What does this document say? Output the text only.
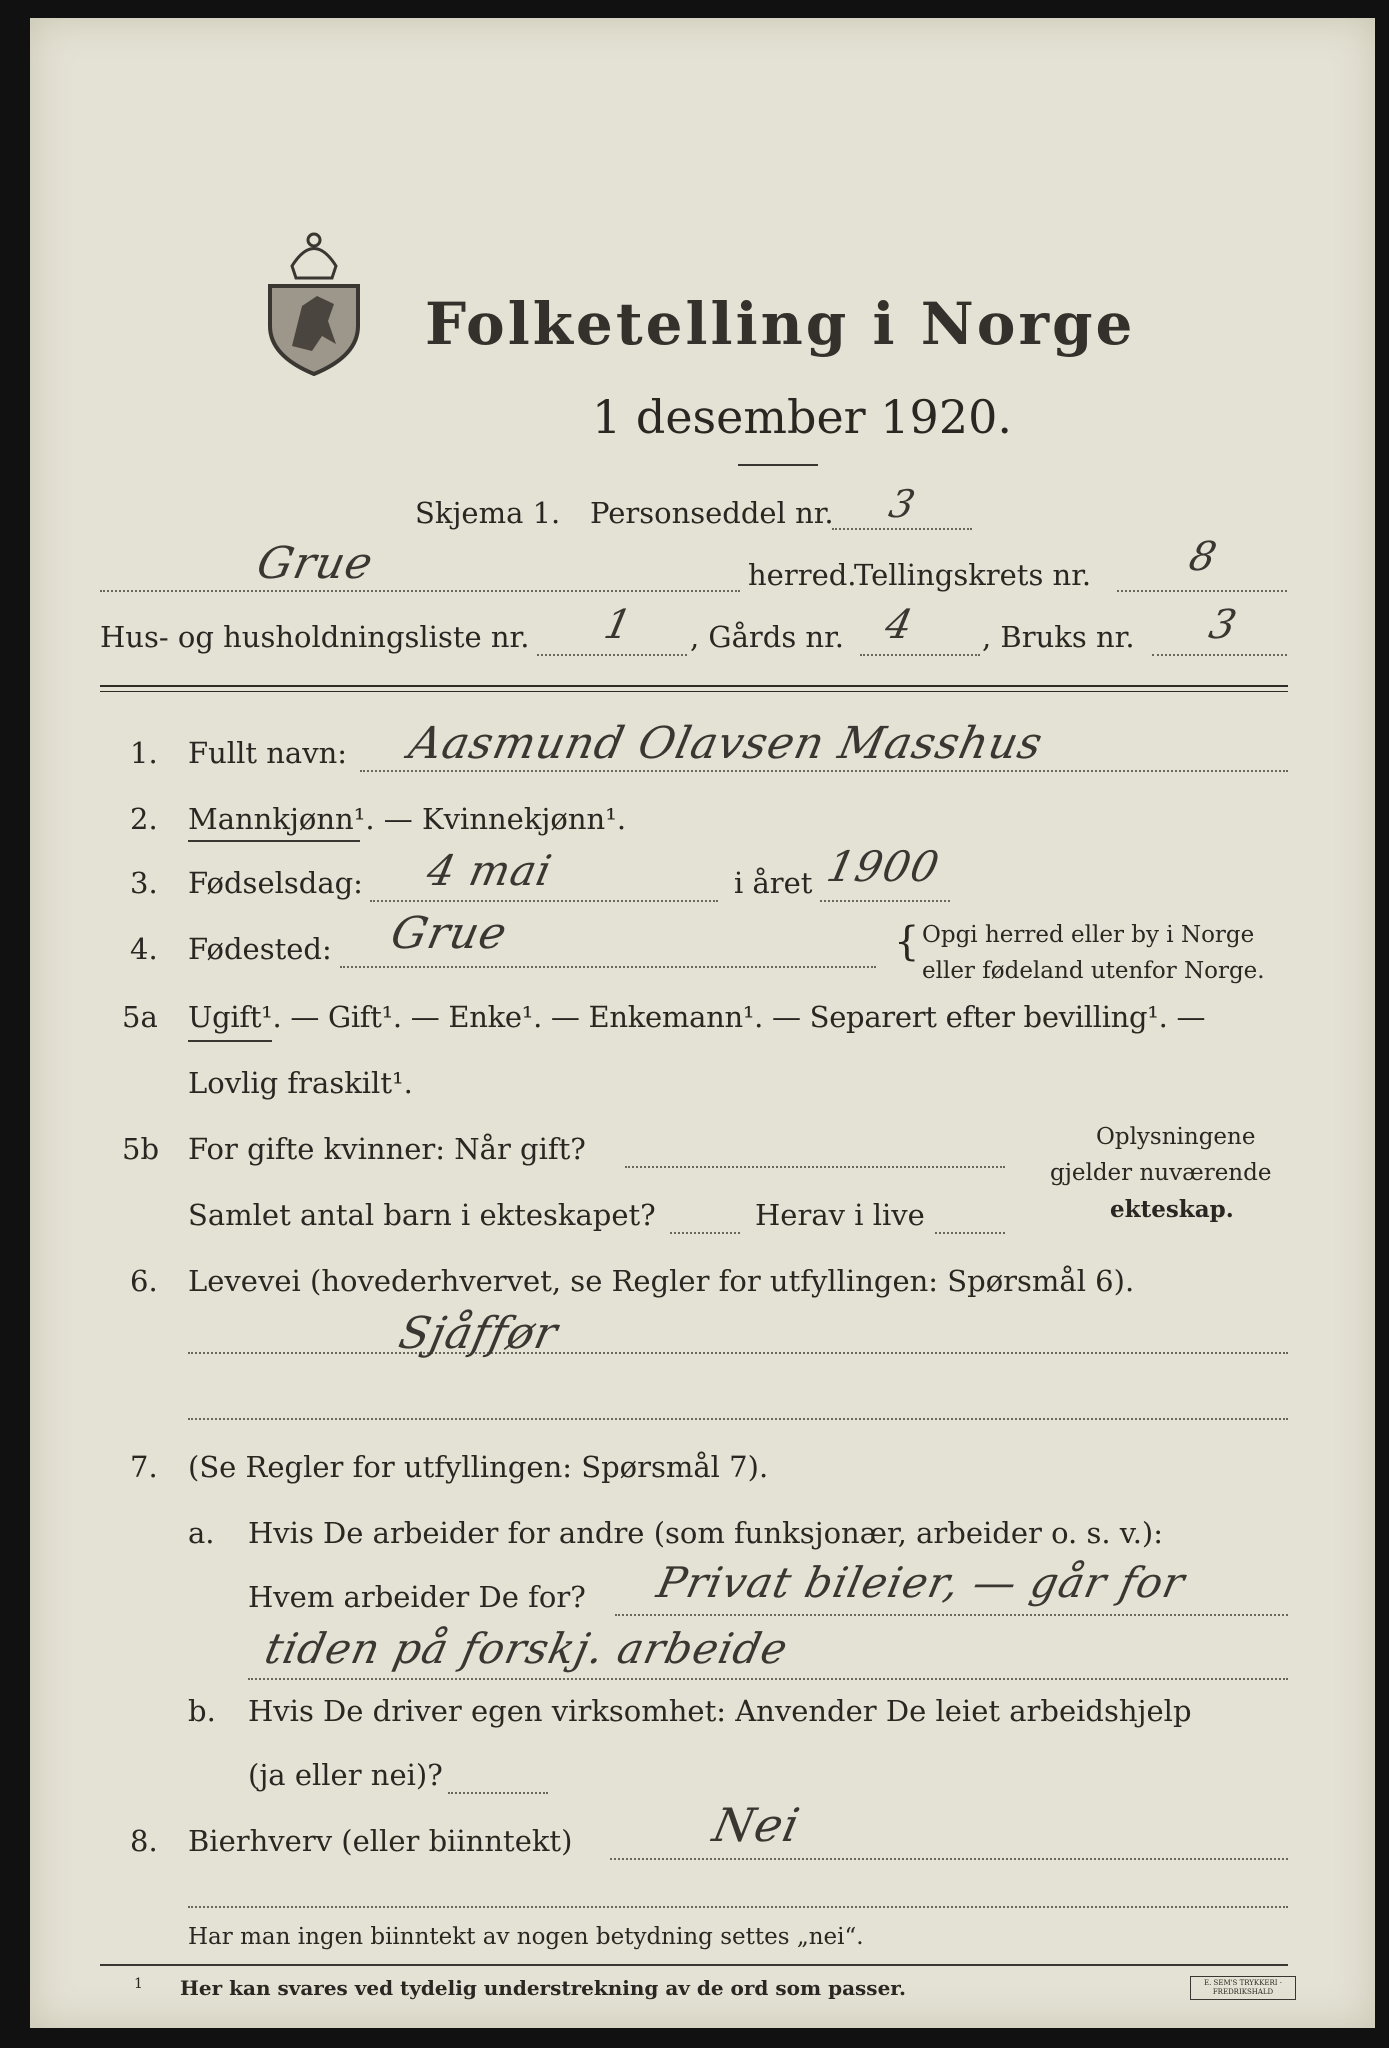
Folketelling i Norge
1 desember 1920.
Skjema 1. Personseddel nr. 3
Grue	herred.
Tellingskrets nr. 8
Hus- og husholdningsliste nr. 1 , Gårds nr. 4 , Bruks nr. 3
1. Fullt navn: Aasmund Olavsen Masshus
2. Mannkjønn¹. — Kvinnekjønn¹.
3. Fødselsdag: 4 mai	i året 1900
4. Fødested: Grue	{ Opgi herred eller by i Norge
eller fødeland utenfor Norge.
5a Ugift¹. — Gift¹. — Enke¹. — Enkemann¹. — Separert efter bevilling¹. —
Lovlig fraskilt¹.
5b For gifte kvinner: Når gift?
Samlet antal barn i ekteskapet?	Herav i live
Oplysningene
gjelder nuværende
ekteskap.
6. Levevei (hovederhvervet, se Regler for utfyllingen: Spørsmål 6).
Sjåffør
7. (Se Regler for utfyllingen: Spørsmål 7).
a. Hvis De arbeider for andre (som funksjonær, arbeider o. s. v.):
Hvem arbeider De for? Privat bileier, — går for
tiden på forskj. arbeide
b. Hvis De driver egen virksomhet: Anvender De leiet arbeidshjelp
(ja eller nei)?
8. Bierhverv (eller biinntekt)	Nei
Har man ingen biinntekt av nogen betydning settes „nei“.
1 Her kan svares ved tydelig understrekning av de ord som passer.	E. SEM'S TRYKKERI · FREDRIKSHALD
